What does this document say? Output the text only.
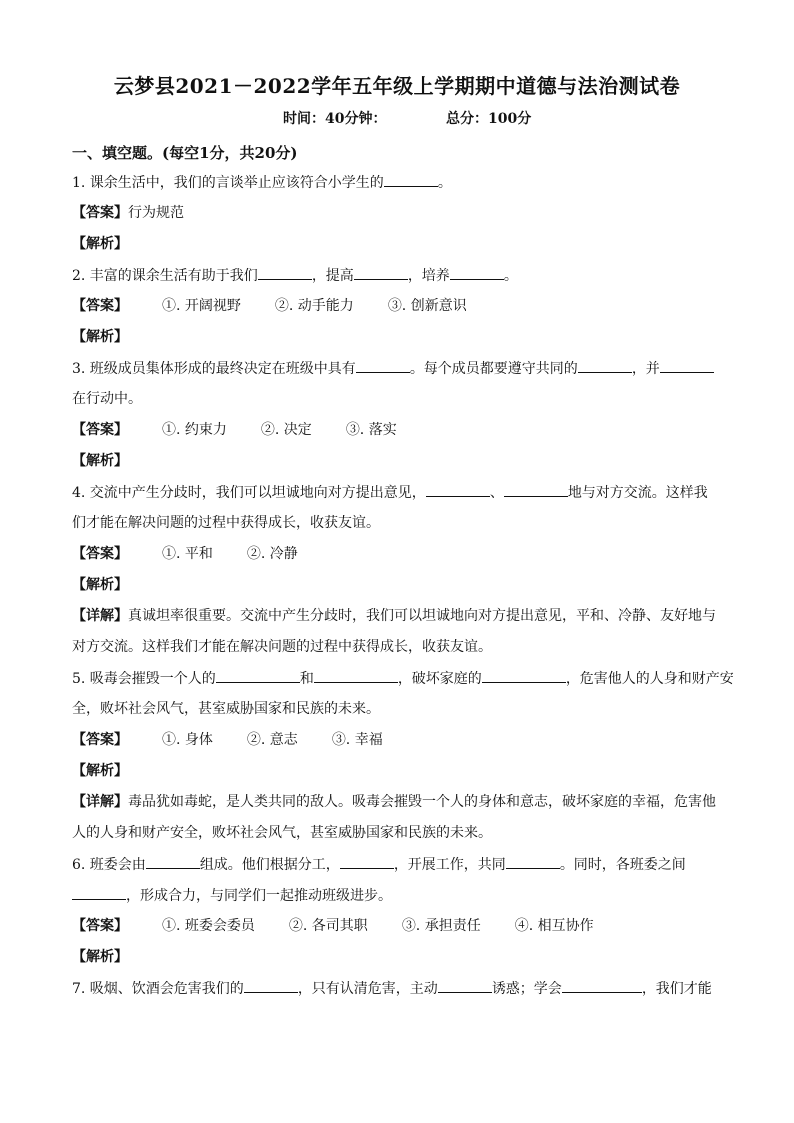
云梦县2021－2022学年五年级上学期期中道德与法治测试卷
时间：40分钟：	总分：100分
一、填空题。(每空1分，共20分)
1. 课余生活中，我们的言谈举止应该符合小学生的	。
【答案】行为规范
【解析】
2. 丰富的课余生活有助于我们	，提高	，培养	。
【答案】 ①. 开阔视野 ②. 动手能力 ③. 创新意识
【解析】
3. 班级成员集体形成的最终决定在班级中具有	。每个成员都要遵守共同的	，并
在行动中。
【答案】 ①. 约束力 ②. 决定 ③. 落实
【解析】
4. 交流中产生分歧时，我们可以坦诚地向对方提出意见，	、	地与对方交流。这样我
们才能在解决问题的过程中获得成长，收获友谊。
【答案】 ①. 平和 ②. 冷静
【解析】
【详解】真诚坦率很重要。交流中产生分歧时，我们可以坦诚地向对方提出意见，平和、冷静、友好地与
对方交流。这样我们才能在解决问题的过程中获得成长，收获友谊。
5. 吸毒会摧毁一个人的	和	，破坏家庭的	，危害他人的人身和财产安
全，败坏社会风气，甚室威胁国家和民族的未来。
【答案】 ①. 身体 ②. 意志 ③. 幸福
【解析】
【详解】毒品犹如毒蛇，是人类共同的敌人。吸毒会摧毁一个人的身体和意志，破坏家庭的幸福，危害他
人的人身和财产安全，败坏社会风气，甚室威胁国家和民族的未来。
6. 班委会由	组成。他们根据分工，	，开展工作，共同	。同时，各班委之间
，形成合力，与同学们一起推动班级进步。
【答案】 ①. 班委会委员 ②. 各司其职 ③. 承担责任 ④. 相互协作
【解析】
7. 吸烟、饮酒会危害我们的	，只有认清危害，主动	诱惑；学会	，我们才能
